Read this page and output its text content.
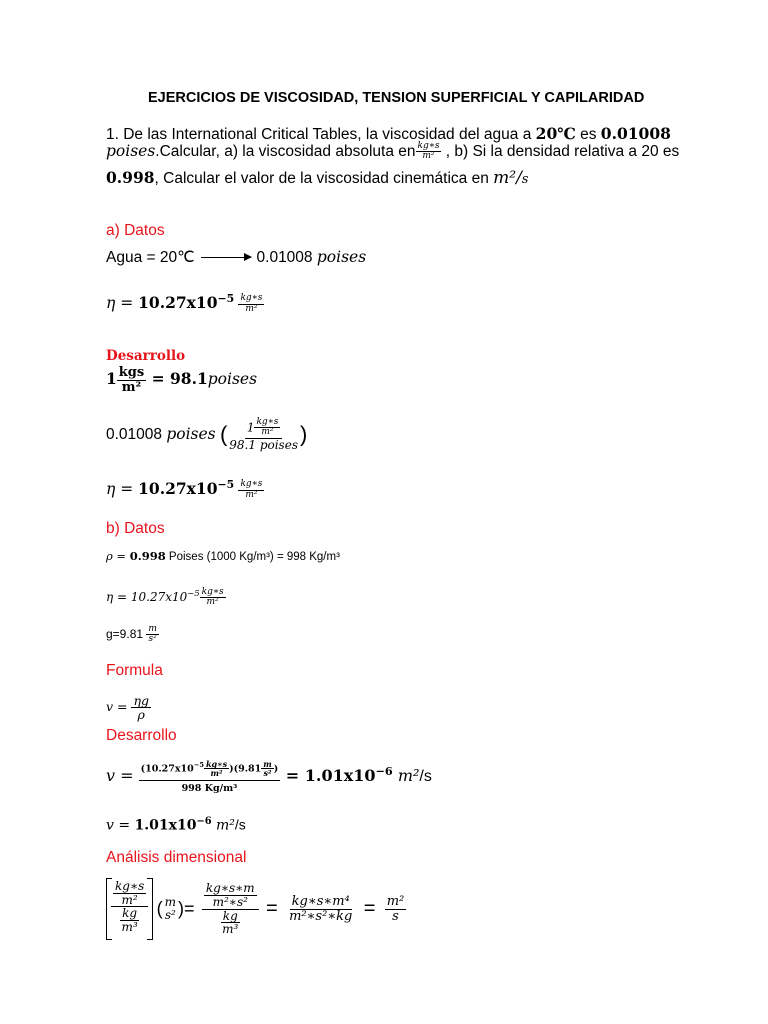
EJERCICIOS DE VISCOSIDAD, TENSION SUPERFICIAL Y CAPILARIDAD
1. De las International Critical Tables, la viscosidad del agua a 20℃ es 0.01008
poises.Calcular, a) la viscosidad absoluta en $\frac{kg∗s}{\text{m²}}$ , b) Si la densidad relativa a 20 es
0.998, Calcular el valor de la viscosidad cinemática en m²/s
a) Datos
Agua = 20℃	0.01008 poises
$\eta = 10.27x10^{-5} \frac{kg∗s}{\text{m²}}$
Desarrollo
$1 \frac{\text{kgs}}{\text{m²}}$ = 98.1poises
0.01008 poises ( $\frac{1 \frac{kg∗s}{\text{m²}}}{\text{98.1 poises}}$ )
$\eta = 10.27x10^{-5} \frac{kg∗s}{\text{m²}}$
b) Datos
ρ = 0.998 Poises (1000 Kg/m³) = 998 Kg/m³
$\eta = 10.27x10^{-5} \frac{kg∗s}{\text{m²}}$
$g=9.81 \frac{m}{\text{s²}}$
Formula
$v = \frac{\eta g}{\rho}$
Desarrollo
$v = \frac{(10.27x10^{-5} \frac{kg∗s}{\text{m²}} )(9.81 \frac{m}{\text{s²}} )}{\text{998 Kg/m³}} = 1.01x10^{-6}$ m²/s
$v = 1.01x10^{-6}$ m²/s
Análisis dimensional
$\frac{\frac{kg∗s}{\text{m²}}}{\frac{kg}{\text{m³}}}$ ( m
s² )= $\frac{\frac{kg∗s∗m}{\text{m²∗s²}}}{\frac{kg}{\text{m³}}} = \frac{\text{kg∗s∗m⁴}}{\text{m²∗s²∗kg}} = \frac{\text{m²}}{s}$
